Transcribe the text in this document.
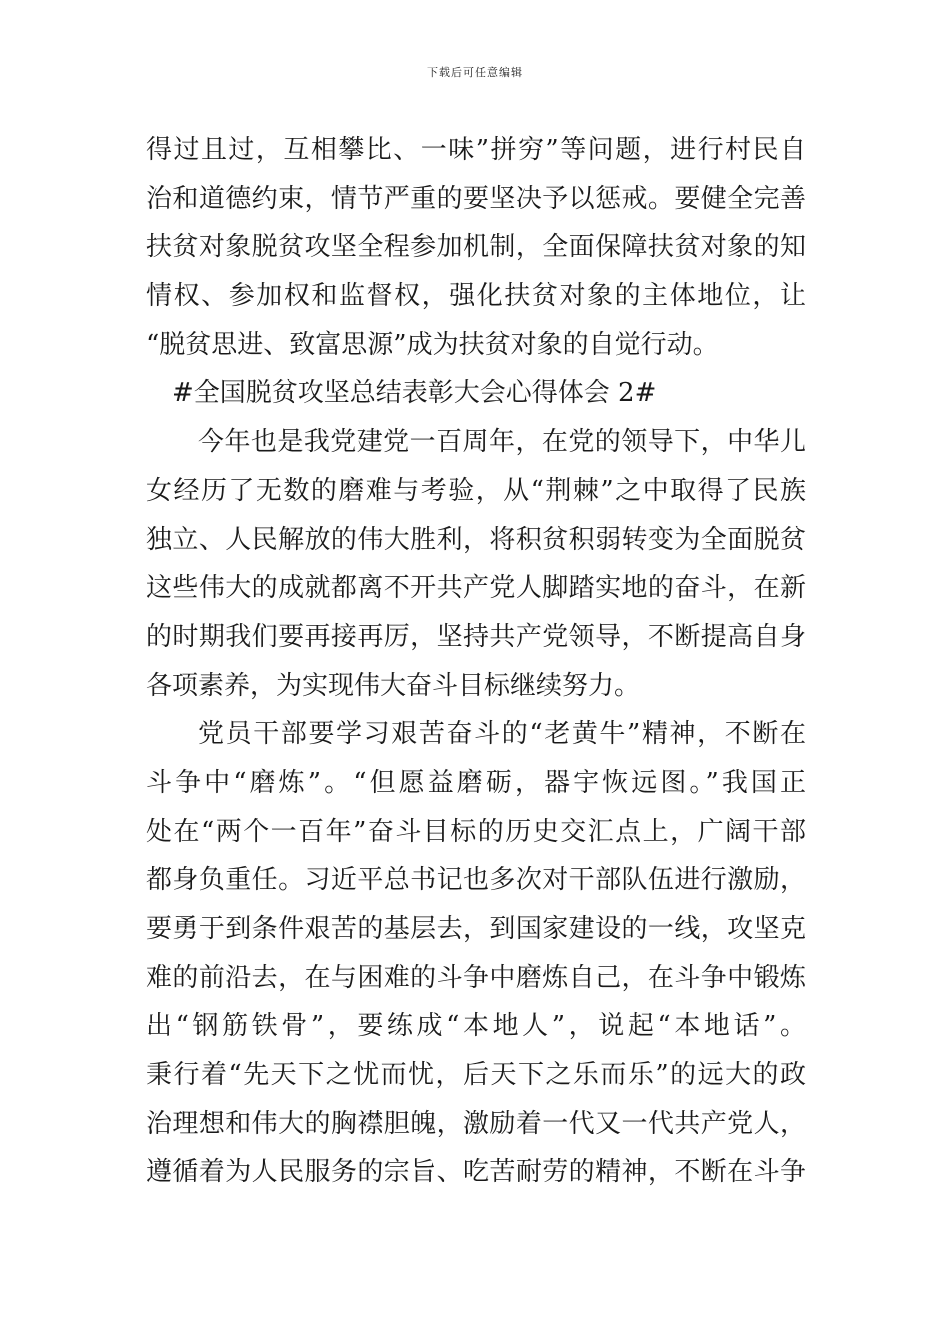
下载后可任意编辑
得过且过，互相攀比、一味”拼穷”等问题，进行村民自
治和道德约束，情节严重的要坚决予以惩戒。要健全完善
扶贫对象脱贫攻坚全程参加机制，全面保障扶贫对象的知
情权、参加权和监督权，强化扶贫对象的主体地位，让
“脱贫思进、致富思源”成为扶贫对象的自觉行动。
#全国脱贫攻坚总结表彰大会心得体会 2#
今年也是我党建党一百周年，在党的领导下，中华儿
女经历了无数的磨难与考验，从“荆棘”之中取得了民族
独立、人民解放的伟大胜利，将积贫积弱转变为全面脱贫
这些伟大的成就都离不开共产党人脚踏实地的奋斗，在新
的时期我们要再接再厉，坚持共产党领导，不断提高自身
各项素养，为实现伟大奋斗目标继续努力。
党员干部要学习艰苦奋斗的“老黄牛”精神，不断在
斗争中“磨炼”。“但愿益磨砺，器宇恢远图。”我国正
处在“两个一百年”奋斗目标的历史交汇点上，广阔干部
都身负重任。习近平总书记也多次对干部队伍进行激励，
要勇于到条件艰苦的基层去，到国家建设的一线，攻坚克
难的前沿去，在与困难的斗争中磨炼自己，在斗争中锻炼
出“钢筋铁骨”，要练成“本地人”，说起“本地话”。
秉行着“先天下之忧而忧，后天下之乐而乐”的远大的政
治理想和伟大的胸襟胆魄，激励着一代又一代共产党人，
遵循着为人民服务的宗旨、吃苦耐劳的精神，不断在斗争
